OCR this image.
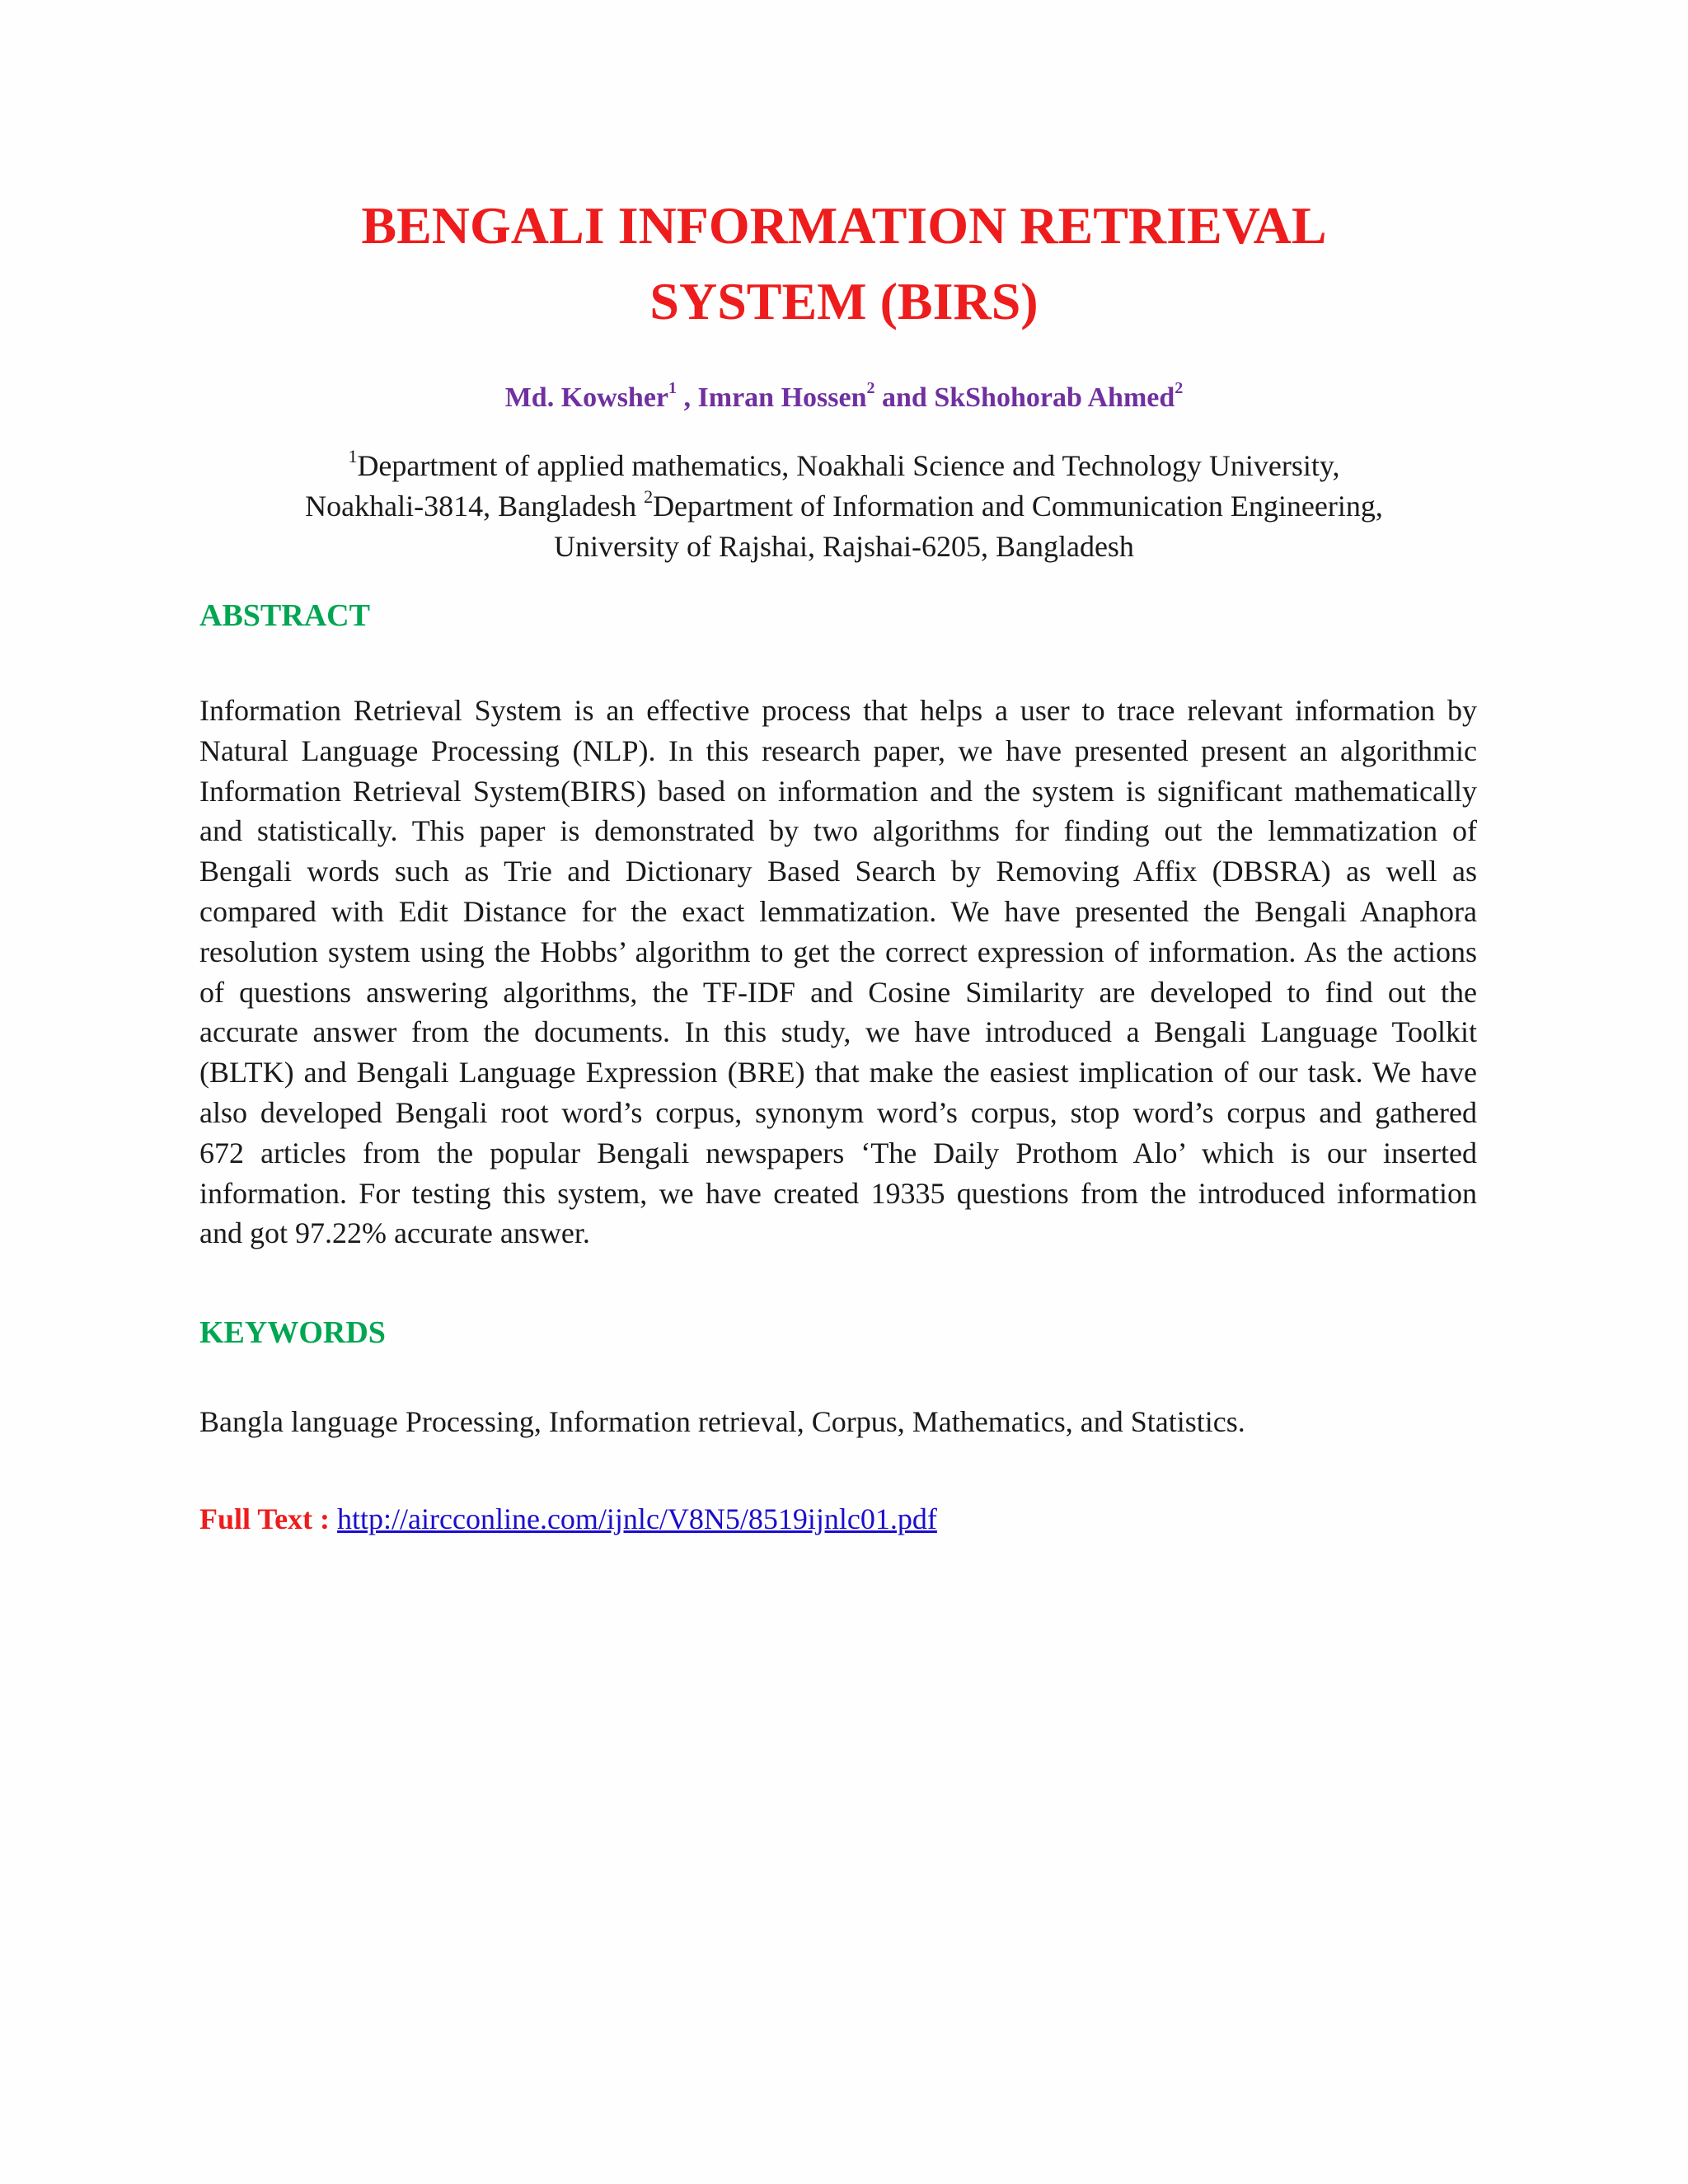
BENGALI INFORMATION RETRIEVAL
SYSTEM (BIRS)
Md. Kowsher$^1$ , Imran Hossen$^2$ and SkShohorab Ahmed$^2$
$^1$Department of applied mathematics, Noakhali Science and Technology University,
Noakhali-3814, Bangladesh $^2$Department of Information and Communication Engineering,
University of Rajshai, Rajshai-6205, Bangladesh
ABSTRACT
Information Retrieval System is an effective process that helps a user to trace relevant information by
Natural Language Processing (NLP). In this research paper, we have presented present an algorithmic
Information Retrieval System(BIRS) based on information and the system is significant mathematically
and statistically. This paper is demonstrated by two algorithms for finding out the lemmatization of
Bengali words such as Trie and Dictionary Based Search by Removing Affix (DBSRA) as well as
compared with Edit Distance for the exact lemmatization. We have presented the Bengali Anaphora
resolution system using the Hobbs’ algorithm to get the correct expression of information. As the actions
of questions answering algorithms, the TF-IDF and Cosine Similarity are developed to find out the
accurate answer from the documents. In this study, we have introduced a Bengali Language Toolkit
(BLTK) and Bengali Language Expression (BRE) that make the easiest implication of our task. We have
also developed Bengali root word’s corpus, synonym word’s corpus, stop word’s corpus and gathered
672 articles from the popular Bengali newspapers ‘The Daily Prothom Alo’ which is our inserted
information. For testing this system, we have created 19335 questions from the introduced information
and got 97.22% accurate answer.
KEYWORDS

Bangla language Processing, Information retrieval, Corpus, Mathematics, and Statistics.

Full Text : http://aircconline.com/ijnlc/V8N5/8519ijnlc01.pdf
